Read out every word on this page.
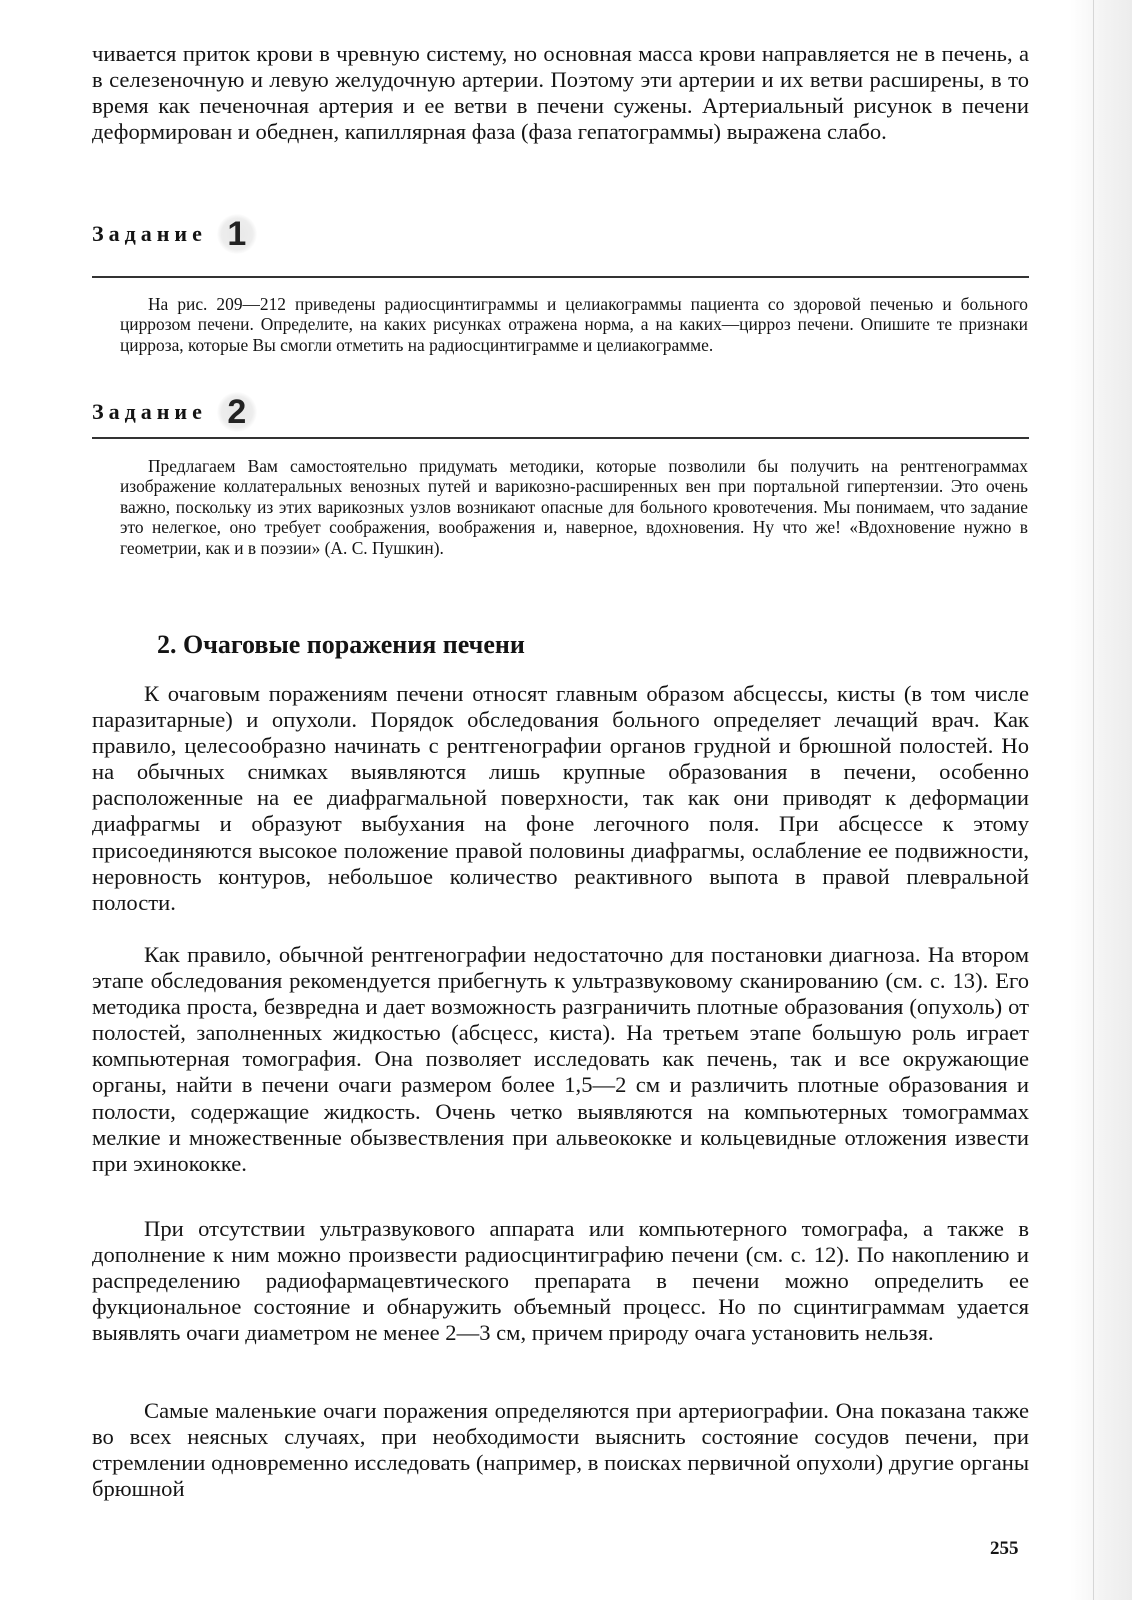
чивается приток крови в чревную систему, но основная масса крови направляется не в печень, а в селезеночную и левую желудочную артерии. Поэтому эти артерии и их ветви расширены, в то время как печеночная артерия и ее ветви в печени сужены. Артериальный рисунок в печени деформирован и обеднен, капиллярная фаза (фаза гепатограммы) выражена слабо.

Задание 1

На рис. 209—212 приведены радиосцинтиграммы и целиакограммы пациента со здоровой печенью и больного циррозом печени. Определите, на каких рисунках отражена норма, а на каких—цирроз печени. Опишите те признаки цирроза, которые Вы смогли отметить на радиосцинтиграмме и целиакограмме.

Задание 2

Предлагаем Вам самостоятельно придумать методики, которые позволили бы получить на рентгенограммах изображение коллатеральных венозных путей и варикозно-расширенных вен при портальной гипертензии. Это очень важно, поскольку из этих варикозных узлов возникают опасные для больного кровотечения. Мы понимаем, что задание это нелегкое, оно требует соображения, воображения и, наверное, вдохновения. Ну что же! «Вдохновение нужно в геометрии, как и в поэзии» (А. С. Пушкин).

2. Очаговые поражения печени

К очаговым поражениям печени относят главным образом абсцессы, кисты (в том числе паразитарные) и опухоли. Порядок обследования больного определяет лечащий врач. Как правило, целесообразно начинать с рентгенографии органов грудной и брюшной полостей. Но на обычных снимках выявляются лишь крупные образования в печени, особенно расположенные на ее диафрагмальной поверхности, так как они приводят к деформации диафрагмы и образуют выбухания на фоне легочного поля. При абсцессе к этому присоединяются высокое положение правой половины диафрагмы, ослабление ее подвижности, неровность контуров, небольшое количество реактивного выпота в правой плевральной полости.

Как правило, обычной рентгенографии недостаточно для постановки диагноза. На втором этапе обследования рекомендуется прибегнуть к ультразвуковому сканированию (см. с. 13). Его методика проста, безвредна и дает возможность разграничить плотные образования (опухоль) от полостей, заполненных жидкостью (абсцесс, киста). На третьем этапе большую роль играет компьютерная томография. Она позволяет исследовать как печень, так и все окружающие органы, найти в печени очаги размером более 1,5—2 см и различить плотные образования и полости, содержащие жидкость. Очень четко выявляются на компьютерных томограммах мелкие и множественные обызвествления при альвеококке и кольцевидные отложения извести при эхинококке.

При отсутствии ультразвукового аппарата или компьютерного томографа, а также в дополнение к ним можно произвести радиосцинтиграфию печени (см. с. 12). По накоплению и распределению радиофармацевтического препарата в печени можно определить ее фукциональное состояние и обнаружить объемный процесс. Но по сцинтиграммам удается выявлять очаги диаметром не менее 2—3 см, причем природу очага установить нельзя.

Самые маленькие очаги поражения определяются при артериографии. Она показана также во всех неясных случаях, при необходимости выяснить состояние сосудов печени, при стремлении одновременно исследовать (например, в поисках первичной опухоли) другие органы брюшной

255
